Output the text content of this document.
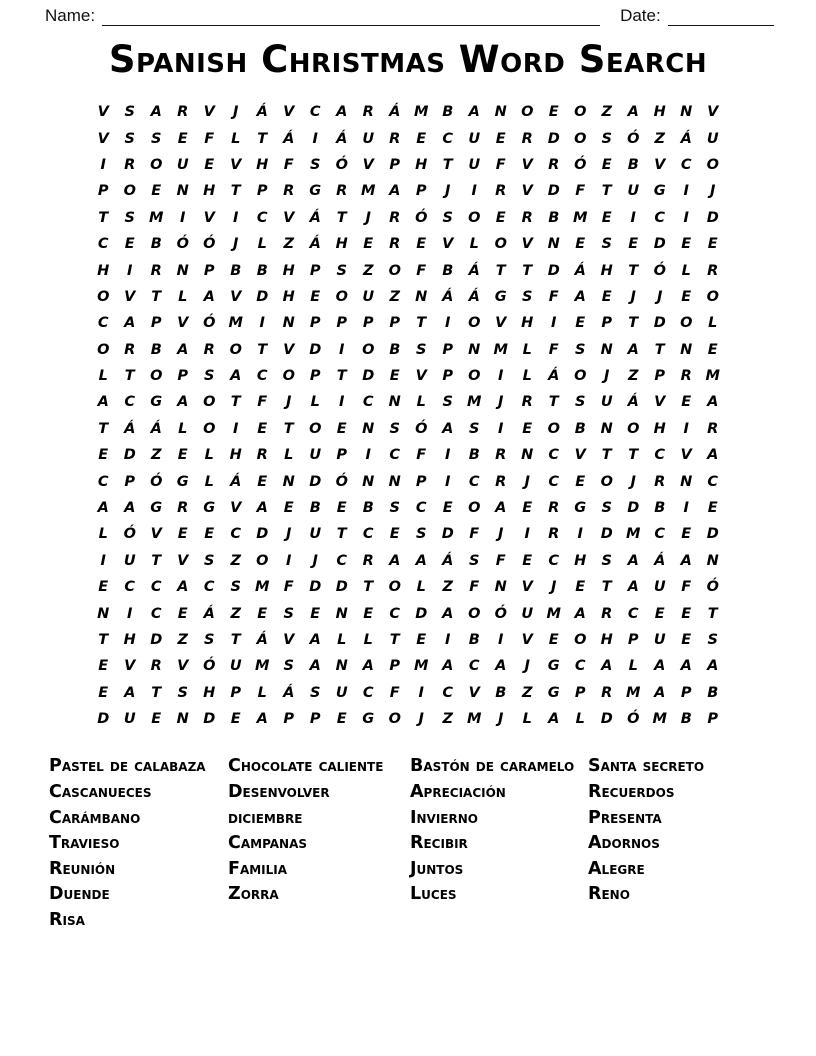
Name:	Date:
Spanish Christmas Word Search
V	S	A	R	V	J	Á	V	C	A	R	Á M B	A	N O	E	O	Z	A	H N	V
V	S	S	E	F	L	T	Á	I	Á	U	R	E	C	U	E	R	D O	S	Ó	Z	Á	U
I	R	O U	E	V	H	F	S	Ó	V	P	H	T	U	F	V	R	Ó	E	B	V	C	O
P	O	E	N H	T	P	R	G	R M A	P	J	I	R	V	D	F	T	U	G	I	J
T	S M	I	V	I	C	V	Á	T	J	R	Ó	S	O	E	R	B M E	I	C	I	D
C	E	B	Ó Ó	J	L	Z	Á	H	E	R	E	V	L	O	V	N	E	S	E	D	E	E
H	I	R	N	P	B	B	H	P	S	Z	O	F	B	Á	T	T	D	Á	H	T	Ó	L	R
O	V	T	L	A	V	D H	E	O U	Z	N	Á	Á	G	S	F	A	E	J	J	E	O
C	A	P	V	Ó M	I	N	P	P	P	P	T	I	O	V	H	I	E	P	T	D O	L
O	R	B	A	R	O	T	V	D	I	O	B	S	P	N M	L	F	S	N	A	T	N	E
L	T	O	P	S	A	C	O	P	T	D	E	V	P	O	I	L	Á	O	J	Z	P	R M
A	C	G	A	O	T	F	J	L	I	C	N	L	S M	J	R	T	S	U	Á	V	E	A
T	Á	Á	L	O	I	E	T	O	E	N	S	Ó	A	S	I	E	O	B	N O H	I	R
E	D	Z	E	L	H	R	L	U	P	I	C	F	I	B	R	N	C	V	T	T	C	V	A
C	P	Ó G	L	Á	E	N D Ó N N	P	I	C	R	J	C	E	O	J	R	N	C
A	A	G	R	G	V	A	E	B	E	B	S	C	E	O	A	E	R	G	S	D	B	I	E
L	Ó	V	E	E	C	D	J	U	T	C	E	S	D	F	J	I	R	I	D M C	E	D
I	U	T	V	S	Z	O	I	J	C	R	A	A	Á	S	F	E	C	H	S	A	Á	A	N
E	C	C	A	C	S M F	D D	T	O	L	Z	F	N	V	J	E	T	A	U	F	Ó
N	I	C	E	Á	Z	E	S	E	N	E	C	D	A	O Ó U M A	R	C	E	E	T
T	H D	Z	S	T	Á	V	A	L	L	T	E	I	B	I	V	E	O H	P	U	E	S
E	V	R	V	Ó U M S	A	N	A	P M A	C	A	J	G	C	A	L	A	A	A
E	A	T	S	H	P	L	Á	S	U	C	F	I	C	V	B	Z	G	P	R M A	P	B
D	U	E	N D	E	A	P	P	E	G O	J	Z M	J	L	A	L	D Ó M B	P
Pastel de calabaza
Cascanueces
Carámbano
Travieso
Reunión
Duende
Risa
Chocolate caliente
Desenvolver
diciembre
Campanas
Familia
Zorra
Bastón de caramelo
Apreciación
Invierno
Recibir
Juntos
Luces
Santa secreto
Recuerdos
Presenta
Adornos
Alegre
Reno
